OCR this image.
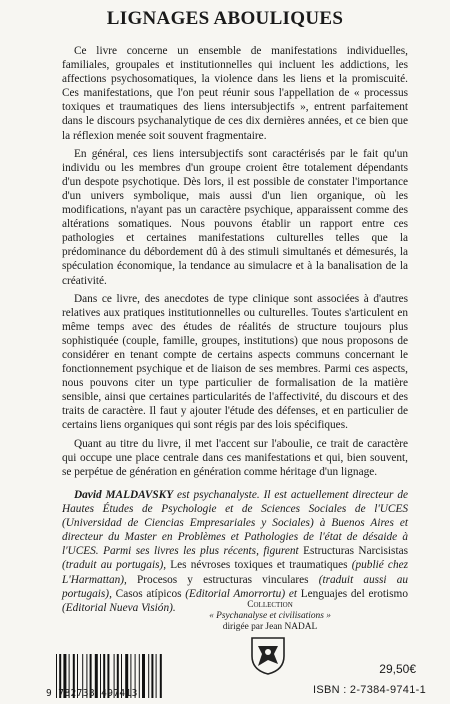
LIGNAGES ABOULIQUES

Ce livre concerne un ensemble de manifestations individuelles, familiales, groupales et institutionnelles qui incluent les addictions, les affections psychosomatiques, la violence dans les liens et la promiscuité. Ces manifestations, que l'on peut réunir sous l'appellation de « processus toxiques et traumatiques des liens intersubjectifs », entrent parfaitement dans le discours psychanalytique de ces dix dernières années, et ce bien que la réflexion menée soit souvent fragmentaire.

En général, ces liens intersubjectifs sont caractérisés par le fait qu'un individu ou les membres d'un groupe croient être totalement dépendants d'un despote psychotique. Dès lors, il est possible de constater l'importance d'un univers symbolique, mais aussi d'un lien organique, où les modifications, n'ayant pas un caractère psychique, apparaissent comme des altérations somatiques. Nous pouvons établir un rapport entre ces pathologies et certaines manifestations culturelles telles que la prédominance du débordement dû à des stimuli simultanés et démesurés, la spéculation économique, la tendance au simulacre et à la banalisation de la créativité.

Dans ce livre, des anecdotes de type clinique sont associées à d'autres relatives aux pratiques institutionnelles ou culturelles. Toutes s'articulent en même temps avec des études de réalités de structure toujours plus sophistiquée (couple, famille, groupes, institutions) que nous proposons de considérer en tenant compte de certains aspects communs concernant le fonctionnement psychique et de liaison de ses membres. Parmi ces aspects, nous pouvons citer un type particulier de formalisation de la matière sensible, ainsi que certaines particularités de l'affectivité, du discours et des traits de caractère. Il faut y ajouter l'étude des défenses, et en particulier de certains liens organiques qui sont régis par des lois spécifiques.

Quant au titre du livre, il met l'accent sur l'aboulie, ce trait de caractère qui occupe une place centrale dans ces manifestations et qui, bien souvent, se perpétue de génération en génération comme héritage d'un lignage.

David MALDAVSKY est psychanalyste. Il est actuellement directeur de Hautes Études de Psychologie et de Sciences Sociales de l'UCES (Universidad de Ciencias Empresariales y Sociales) à Buenos Aires et directeur du Master en Problèmes et Pathologies de l'état de désaide à l'UCES. Parmi ses livres les plus récents, figurent Estructuras Narcisistas (traduit au portugais), Les névroses toxiques et traumatiques (publié chez L'Harmattan), Procesos y estructuras vinculares (traduit aussi au portugais), Casos atípicos (Editorial Amorrortu) et Lenguajes del erotismo (Editorial Nueva Visión).	Collection
« Psychanalyse et civilisations »
dirigée par Jean NADAL
9 782738 497413
29,50€
ISBN : 2-7384-9741-1
